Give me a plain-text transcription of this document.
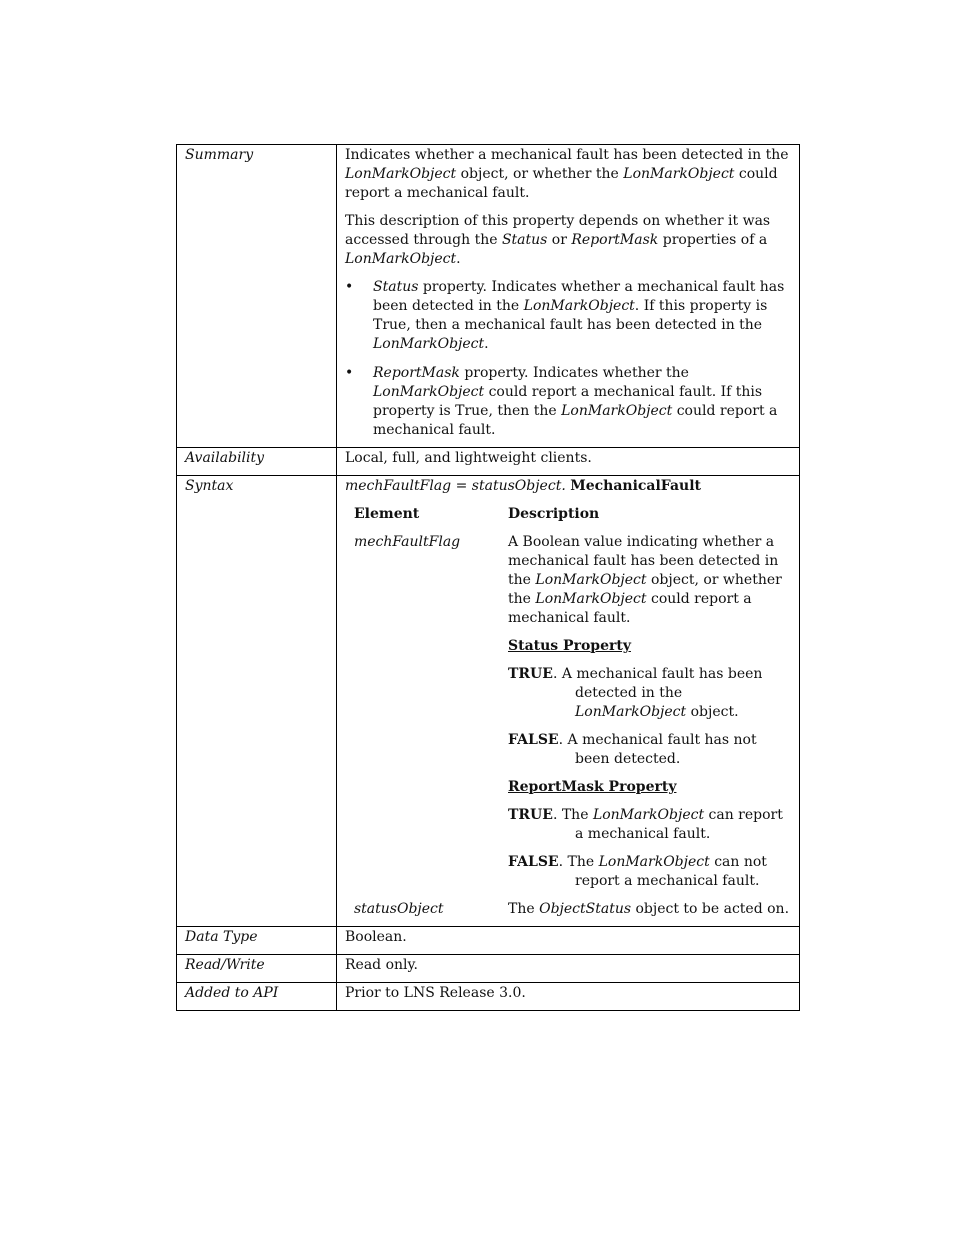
Summary	Indicates whether a mechanical fault has been detected in the LonMarkObject object, or whether the LonMarkObject could report a mechanical fault.

This description of this property depends on whether it was accessed through the Status or ReportMask properties of a LonMarkObject.

• Status property. Indicates whether a mechanical fault has been detected in the LonMarkObject. If this property is True, then a mechanical fault has been detected in the LonMarkObject.
• ReportMask property. Indicates whether the LonMarkObject could report a mechanical fault. If this property is True, then the LonMarkObject could report a mechanical fault.

Availability	Local, full, and lightweight clients.
Syntax	mechFaultFlag = statusObject. MechanicalFault

Element	Description
mechFaultFlag	A Boolean value indicating whether a mechanical fault has been detected in the LonMarkObject object, or whether the LonMarkObject could report a mechanical fault.

Status Property

TRUE. A mechanical fault has been detected in the LonMarkObject object.

FALSE. A mechanical fault has not been detected.

ReportMask Property

TRUE. The LonMarkObject can report a mechanical fault.

FALSE. The LonMarkObject can not report a mechanical fault.

statusObject	The ObjectStatus object to be acted on.

Data Type	Boolean.
Read/Write	Read only.
Added to API	Prior to LNS Release 3.0.
